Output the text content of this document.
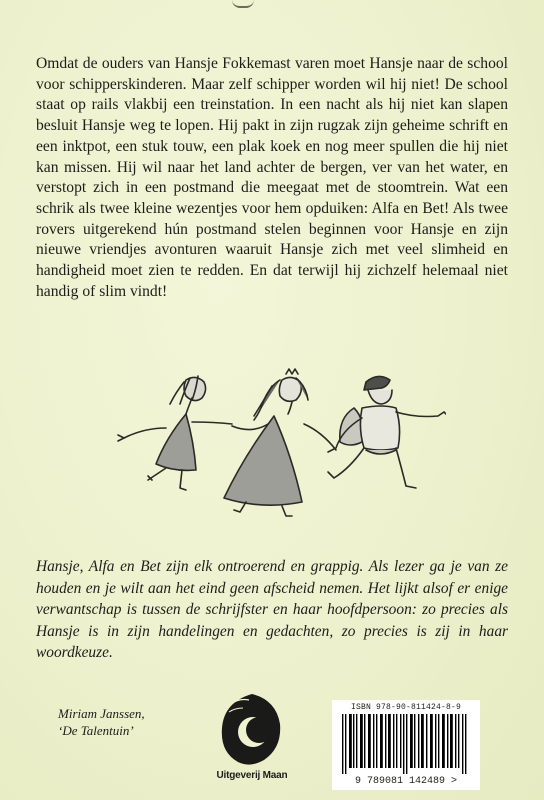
Omdat de ouders van Hansje Fokkemast varen moet Hansje naar de school voor schipperskinderen. Maar zelf schipper worden wil hij niet! De school staat op rails vlakbij een treinstation. In een nacht als hij niet kan slapen besluit Hansje weg te lopen. Hij pakt in zijn rugzak zijn geheime schrift en een inktpot, een stuk touw, een plak koek en nog meer spullen die hij niet kan missen. Hij wil naar het land achter de bergen, ver van het water, en verstopt zich in een postmand die meegaat met de stoomtrein. Wat een schrik als twee kleine wezentjes voor hem opduiken: Alfa en Bet! Als twee rovers uitgerekend hún postmand stelen beginnen voor Hansje en zijn nieuwe vriendjes avonturen waaruit Hansje zich met veel slimheid en handigheid moet zien te redden. En dat terwijl hij zichzelf helemaal niet handig of slim vindt!

Hansje, Alfa en Bet zijn elk ontroerend en grappig. Als lezer ga je van ze houden en je wilt aan het eind geen afscheid nemen. Het lijkt alsof er enige verwantschap is tussen de schrijfster en haar hoofdpersoon: zo precies als Hansje is in zijn handelingen en gedachten, zo precies is zij in haar woordkeuze.

Miriam Janssen,
‘De Talentuin’
Uitgeverij Maan
ISBN 978-90-811424-8-9
9 789081 142489 >
